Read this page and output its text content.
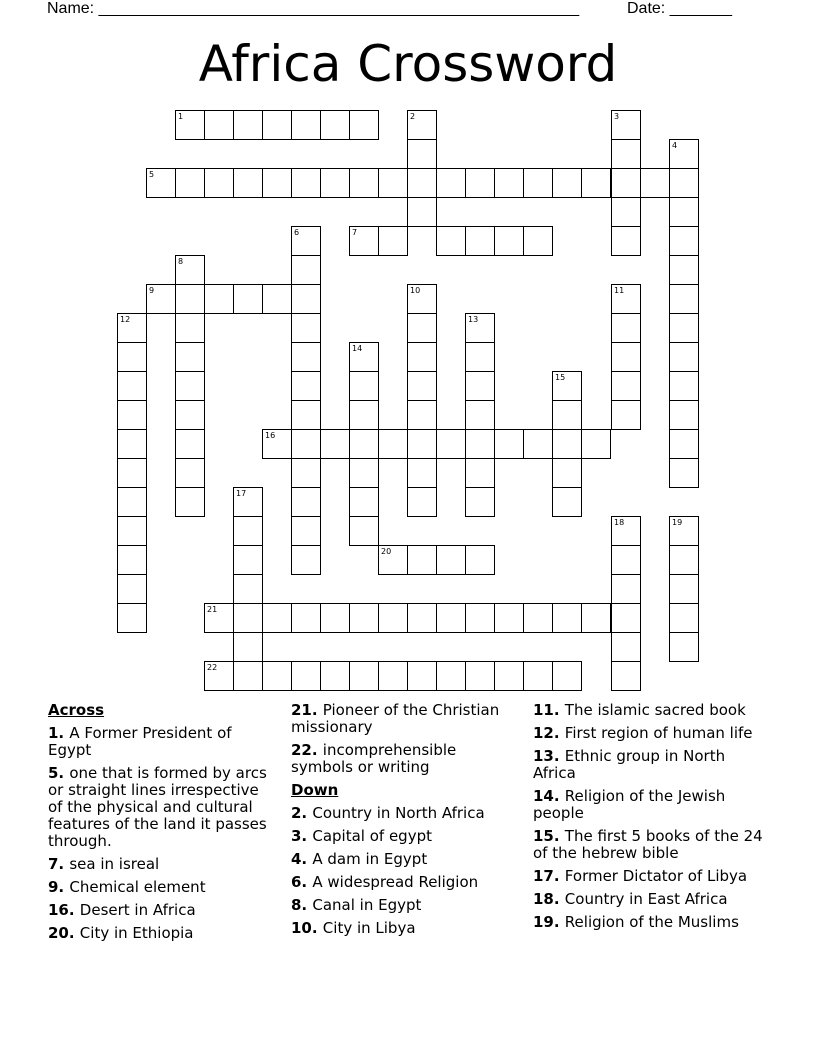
Name: ______________________________________________________	Date: _______
Africa Crossword
1	2	3
4
5
6	7
8
9	10	11
12	13
14
15
16
17
18	19
20
21
22
Across
1. A Former President of Egypt
5. one that is formed by arcs or straight lines irrespective of the physical and cultural features of the land it passes through.
7. sea in isreal
9. Chemical element
16. Desert in Africa
20. City in Ethiopia
21. Pioneer of the Christian missionary
22. incomprehensible symbols or writing
Down
2. Country in North Africa
3. Capital of egypt
4. A dam in Egypt
6. A widespread Religion
8. Canal in Egypt
10. City in Libya
11. The islamic sacred book
12. First region of human life
13. Ethnic group in North Africa
14. Religion of the Jewish people
15. The first 5 books of the 24 of the hebrew bible
17. Former Dictator of Libya
18. Country in East Africa
19. Religion of the Muslims
